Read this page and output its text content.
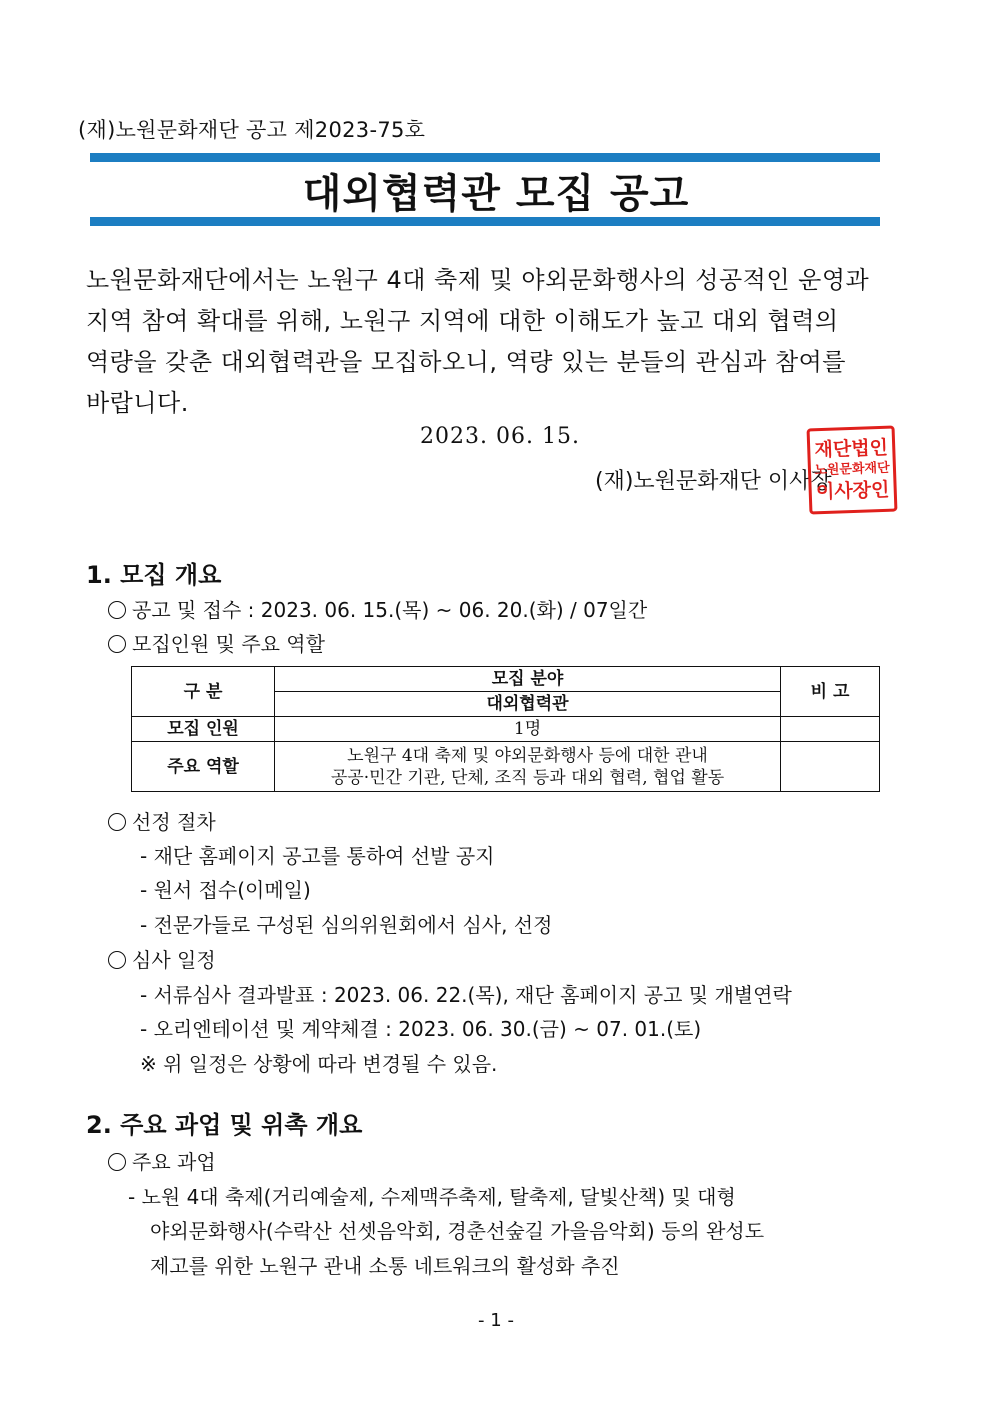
(재)노원문화재단 공고 제2023-75호
대외협력관 모집 공고
노원문화재단에서는 노원구 4대 축제 및 야외문화행사의 성공적인 운영과
지역 참여 확대를 위해, 노원구 지역에 대한 이해도가 높고 대외 협력의
역량을 갖춘 대외협력관을 모집하오니, 역량 있는 분들의 관심과 참여를
바랍니다.
2023. 06. 15.
(재)노원문화재단 이사장
재단법인
노원문화재단
이사장인
1. 모집 개요
공고 및 접수 : 2023. 06. 15.(목) ~ 06. 20.(화) / 07일간
모집인원 및 주요 역할
구 분	모집 분야	비 고
	대외협력관	
모집 인원	1명	
주요 역할	노원구 4대 축제 및 야외문화행사 등에 대한 관내
공공·민간 기관, 단체, 조직 등과 대외 협력, 협업 활동	

선정 절차
- 재단 홈페이지 공고를 통하여 선발 공지
- 원서 접수(이메일)
- 전문가들로 구성된 심의위원회에서 심사, 선정
심사 일정
- 서류심사 결과발표 : 2023. 06. 22.(목), 재단 홈페이지 공고 및 개별연락
- 오리엔테이션 및 계약체결 : 2023. 06. 30.(금) ~ 07. 01.(토)
※ 위 일정은 상황에 따라 변경될 수 있음.
2. 주요 과업 및 위촉 개요
주요 과업
- 노원 4대 축제(거리예술제, 수제맥주축제, 탈축제, 달빛산책) 및 대형
야외문화행사(수락산 선셋음악회, 경춘선숲길 가을음악회) 등의 완성도
제고를 위한 노원구 관내 소통 네트워크의 활성화 추진
- 1 -
